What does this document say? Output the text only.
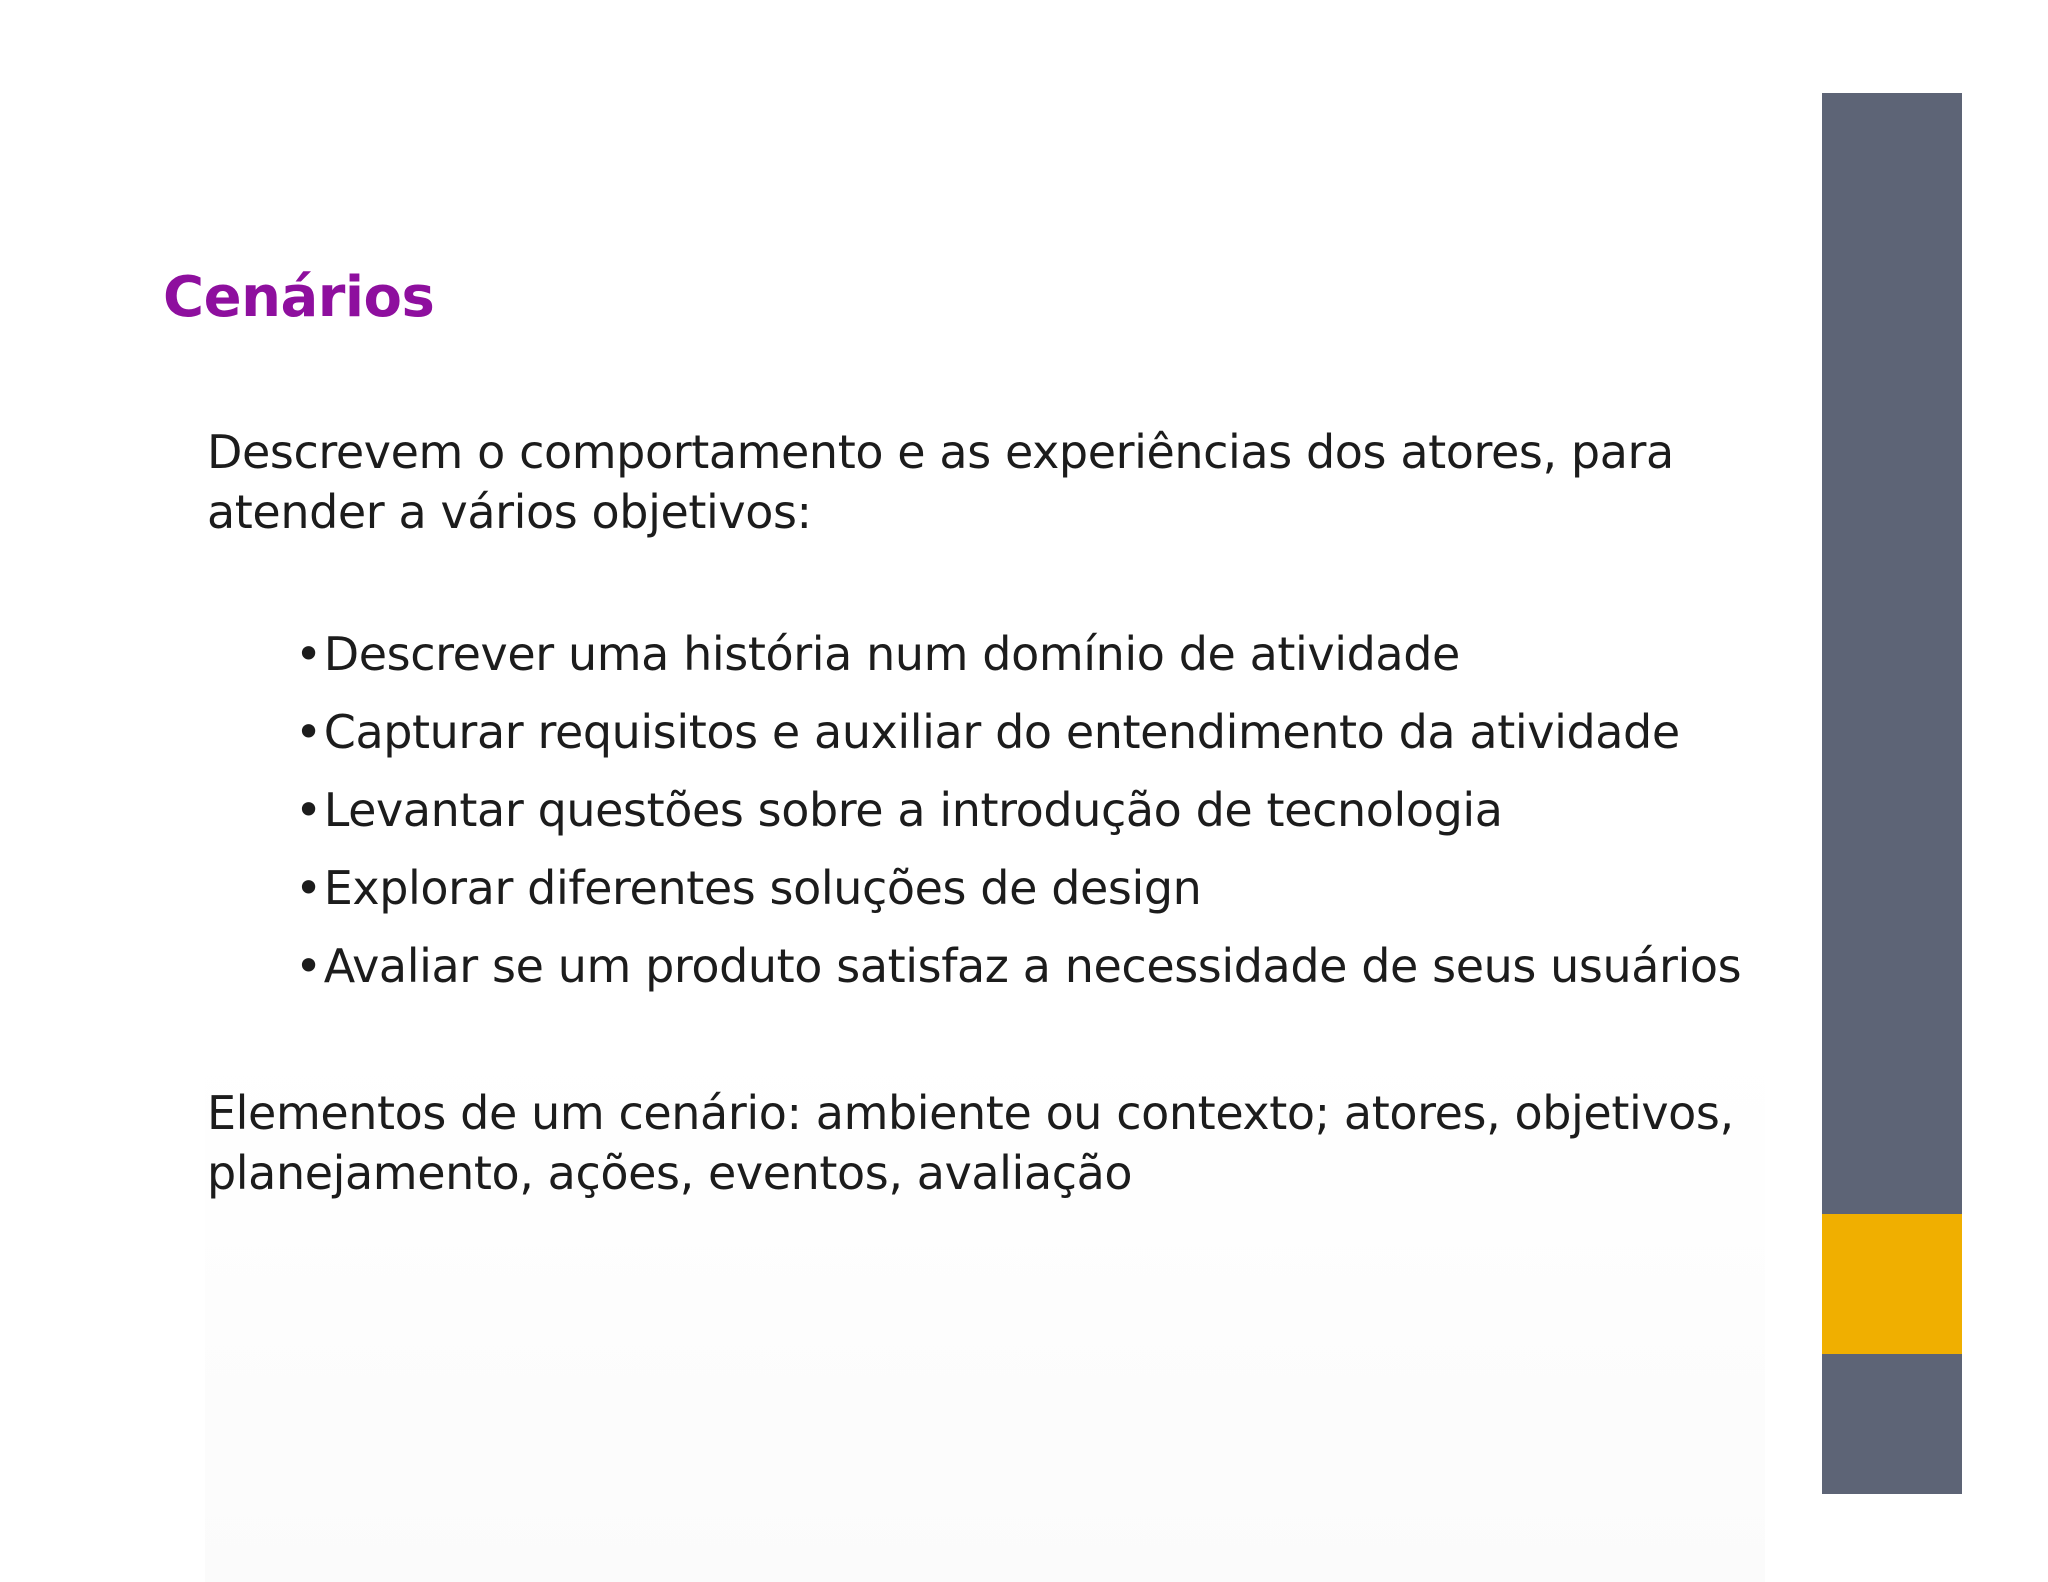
Cenários

Descrevem o comportamento e as experiências dos atores, para
atender a vários objetivos:

•Descrever uma história num domínio de atividade
•Capturar requisitos e auxiliar do entendimento da atividade
•Levantar questões sobre a introdução de tecnologia
•Explorar diferentes soluções de design
•Avaliar se um produto satisfaz a necessidade de seus usuários

Elementos de um cenário: ambiente ou contexto; atores, objetivos,
planejamento, ações, eventos, avaliação
